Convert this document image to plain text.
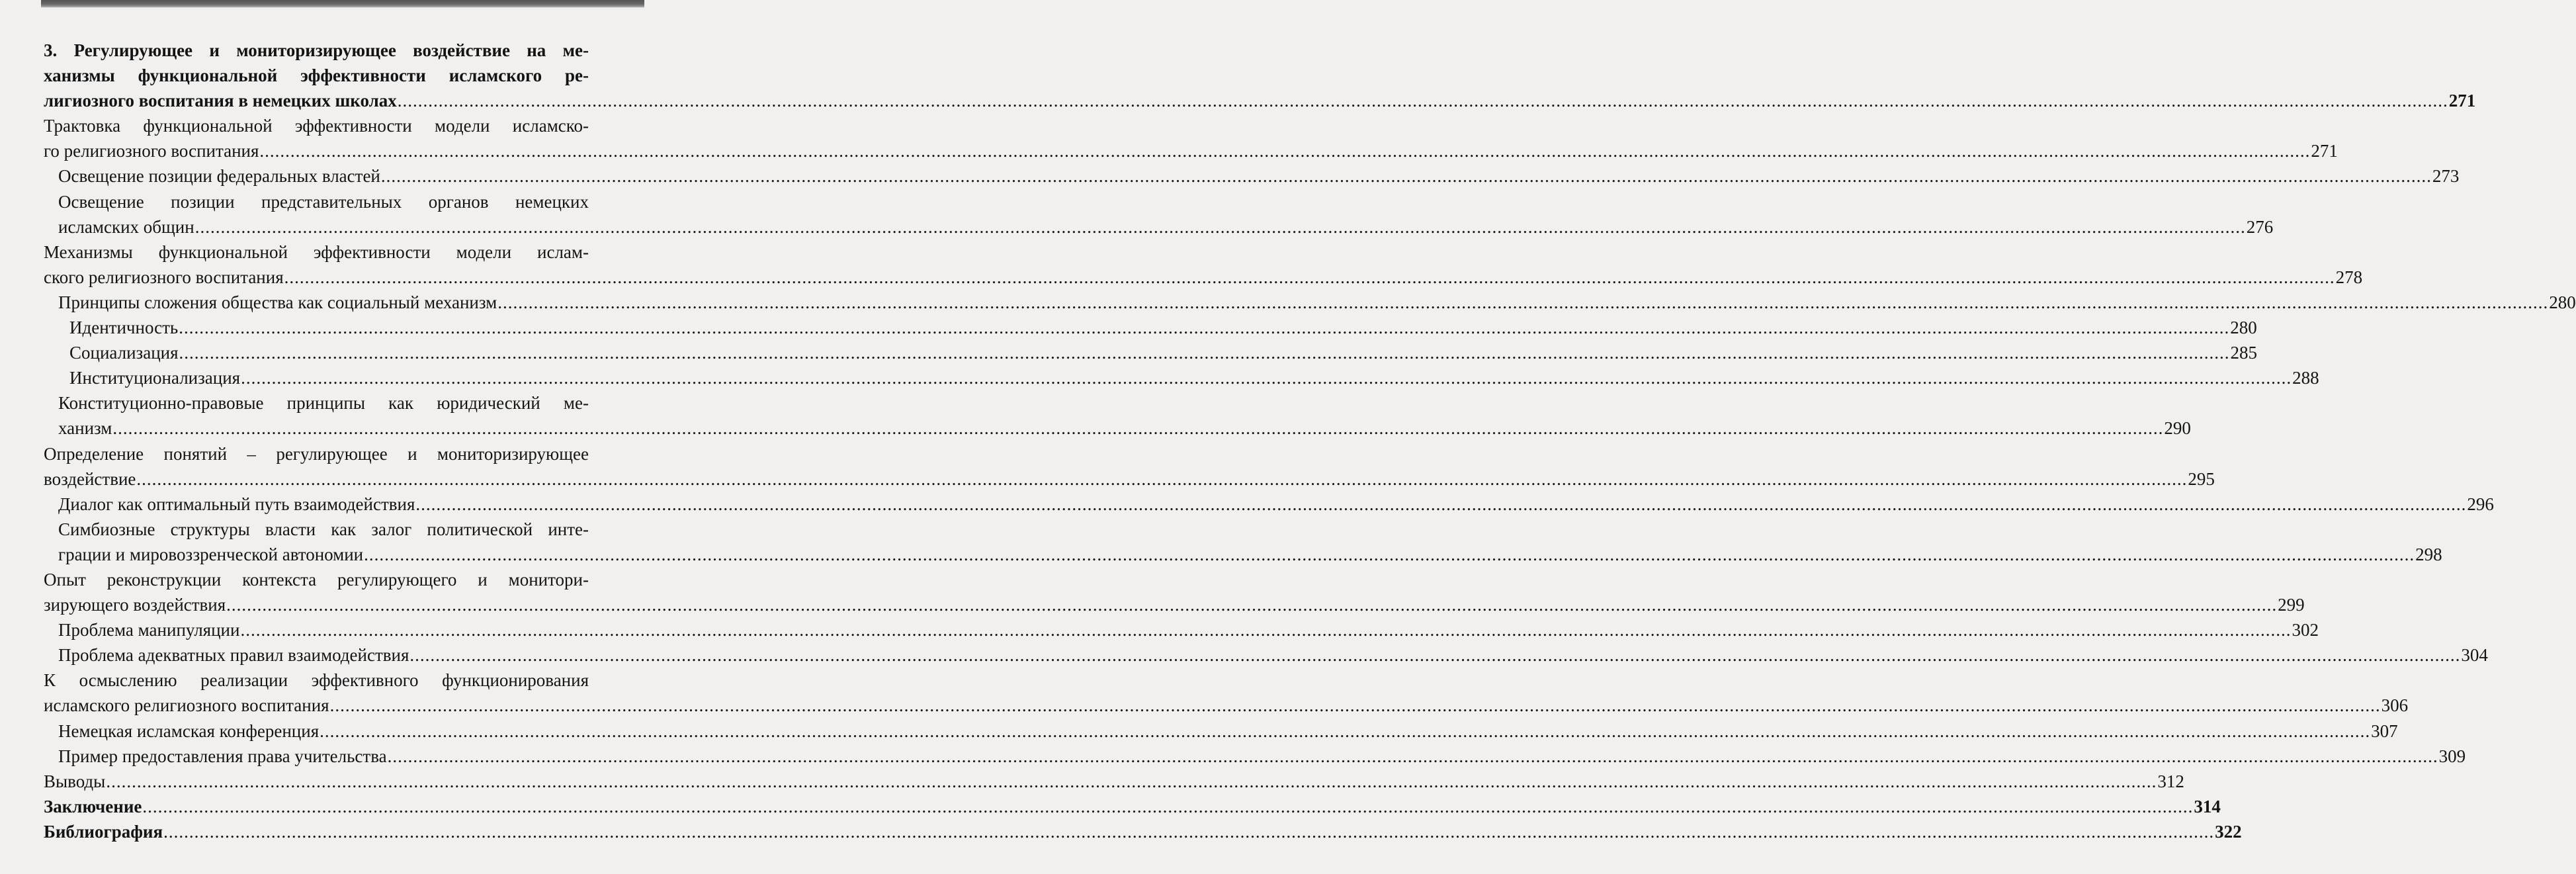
3. Регулирующее и мониторизирующее воздействие на ме-
ханизмы функциональной эффективности исламского ре-
лигиозного воспитания в немецких школах ................................................................................................................................................................................................................................................................................................................................................................................................................ 271
Трактовка функциональной эффективности модели исламско-
го религиозного воспитания ................................................................................................................................................................................................................................................................................................................................................................................................................ 271
Освещение позиции федеральных властей ................................................................................................................................................................................................................................................................................................................................................................................................................ 273
Освещение позиции представительных органов немецких
исламских общин ................................................................................................................................................................................................................................................................................................................................................................................................................ 276
Механизмы функциональной эффективности модели ислам-
ского религиозного воспитания ................................................................................................................................................................................................................................................................................................................................................................................................................ 278
Принципы сложения общества как социальный механизм ................................................................................................................................................................................................................................................................................................................................................................................................................ 280
Идентичность ................................................................................................................................................................................................................................................................................................................................................................................................................ 280
Социализация ................................................................................................................................................................................................................................................................................................................................................................................................................ 285
Институционализация ................................................................................................................................................................................................................................................................................................................................................................................................................ 288
Конституционно-правовые принципы как юридический ме-
ханизм ................................................................................................................................................................................................................................................................................................................................................................................................................ 290
Определение понятий – регулирующее и мониторизирующее
воздействие ................................................................................................................................................................................................................................................................................................................................................................................................................ 295
Диалог как оптимальный путь взаимодействия ................................................................................................................................................................................................................................................................................................................................................................................................................ 296
Симбиозные структуры власти как залог политической инте-
грации и мировоззренческой автономии ................................................................................................................................................................................................................................................................................................................................................................................................................ 298
Опыт реконструкции контекста регулирующего и монитори-
зирующего воздействия ................................................................................................................................................................................................................................................................................................................................................................................................................ 299
Проблема манипуляции ................................................................................................................................................................................................................................................................................................................................................................................................................ 302
Проблема адекватных правил взаимодействия ................................................................................................................................................................................................................................................................................................................................................................................................................ 304
К осмыслению реализации эффективного функционирования
исламского религиозного воспитания ................................................................................................................................................................................................................................................................................................................................................................................................................ 306
Немецкая исламская конференция ................................................................................................................................................................................................................................................................................................................................................................................................................ 307
Пример предоставления права учительства ................................................................................................................................................................................................................................................................................................................................................................................................................ 309
Выводы ................................................................................................................................................................................................................................................................................................................................................................................................................ 312
Заключение ................................................................................................................................................................................................................................................................................................................................................................................................................ 314
Библиография ................................................................................................................................................................................................................................................................................................................................................................................................................ 322
